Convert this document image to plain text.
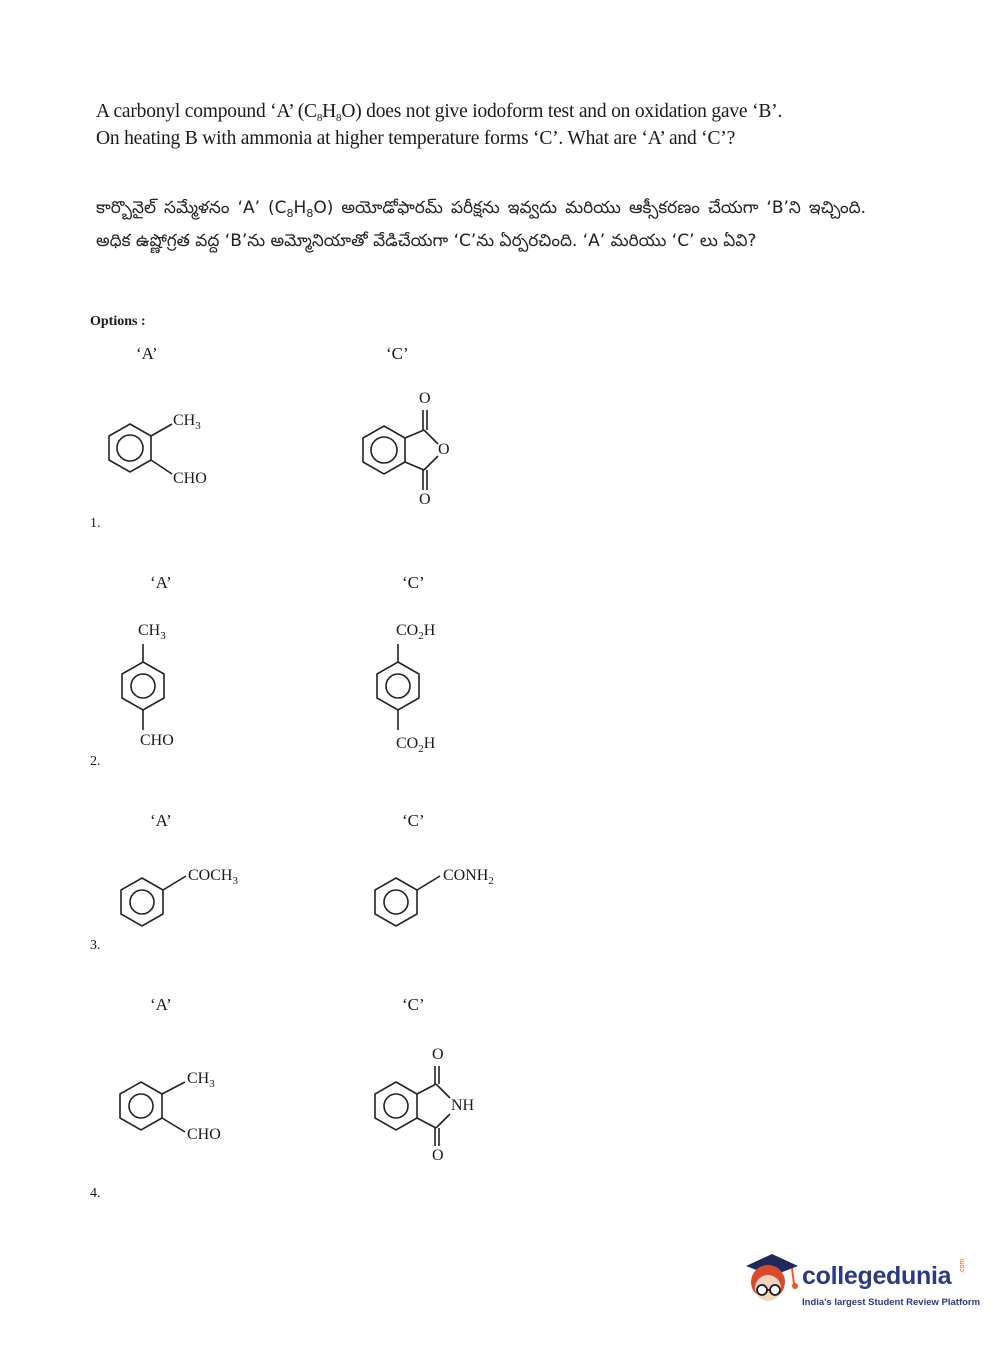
A carbonyl compound ‘A’ $(C_8H_8O)$ does not give iodoform test and on oxidation gave ‘B’.
On heating B with ammonia at higher temperature forms ‘C’. What are ‘A’ and ‘C’?
కార్బొనైల్ సమ్మేళనం ‘A’ $(C_8H_8O)$ అయోడోఫారమ్ పరీక్షను ఇవ్వదు మరియు ఆక్సీకరణం చేయగా ‘B’ని ఇచ్చింది. అధిక ఉష్ణోగ్రత వద్ద ‘B’ను అమ్మోనియాతో వేడిచేయగా ‘C’ను ఏర్పరచింది. ‘A’ మరియు ‘C’ లు ఏవి?
Options :
‘A’	‘C’
$CH_3$
CHO
O
O
O
1.
‘A’	‘C’
$CH_3$
CHO
$CO_2H$
$CO_2H$
2.
‘A’	‘C’
$COCH_3$	$CONH_2$
3.
‘A’	‘C’
$CH_3$
CHO
O
NH
O
4.
collegedunia .com
India's largest Student Review Platform
